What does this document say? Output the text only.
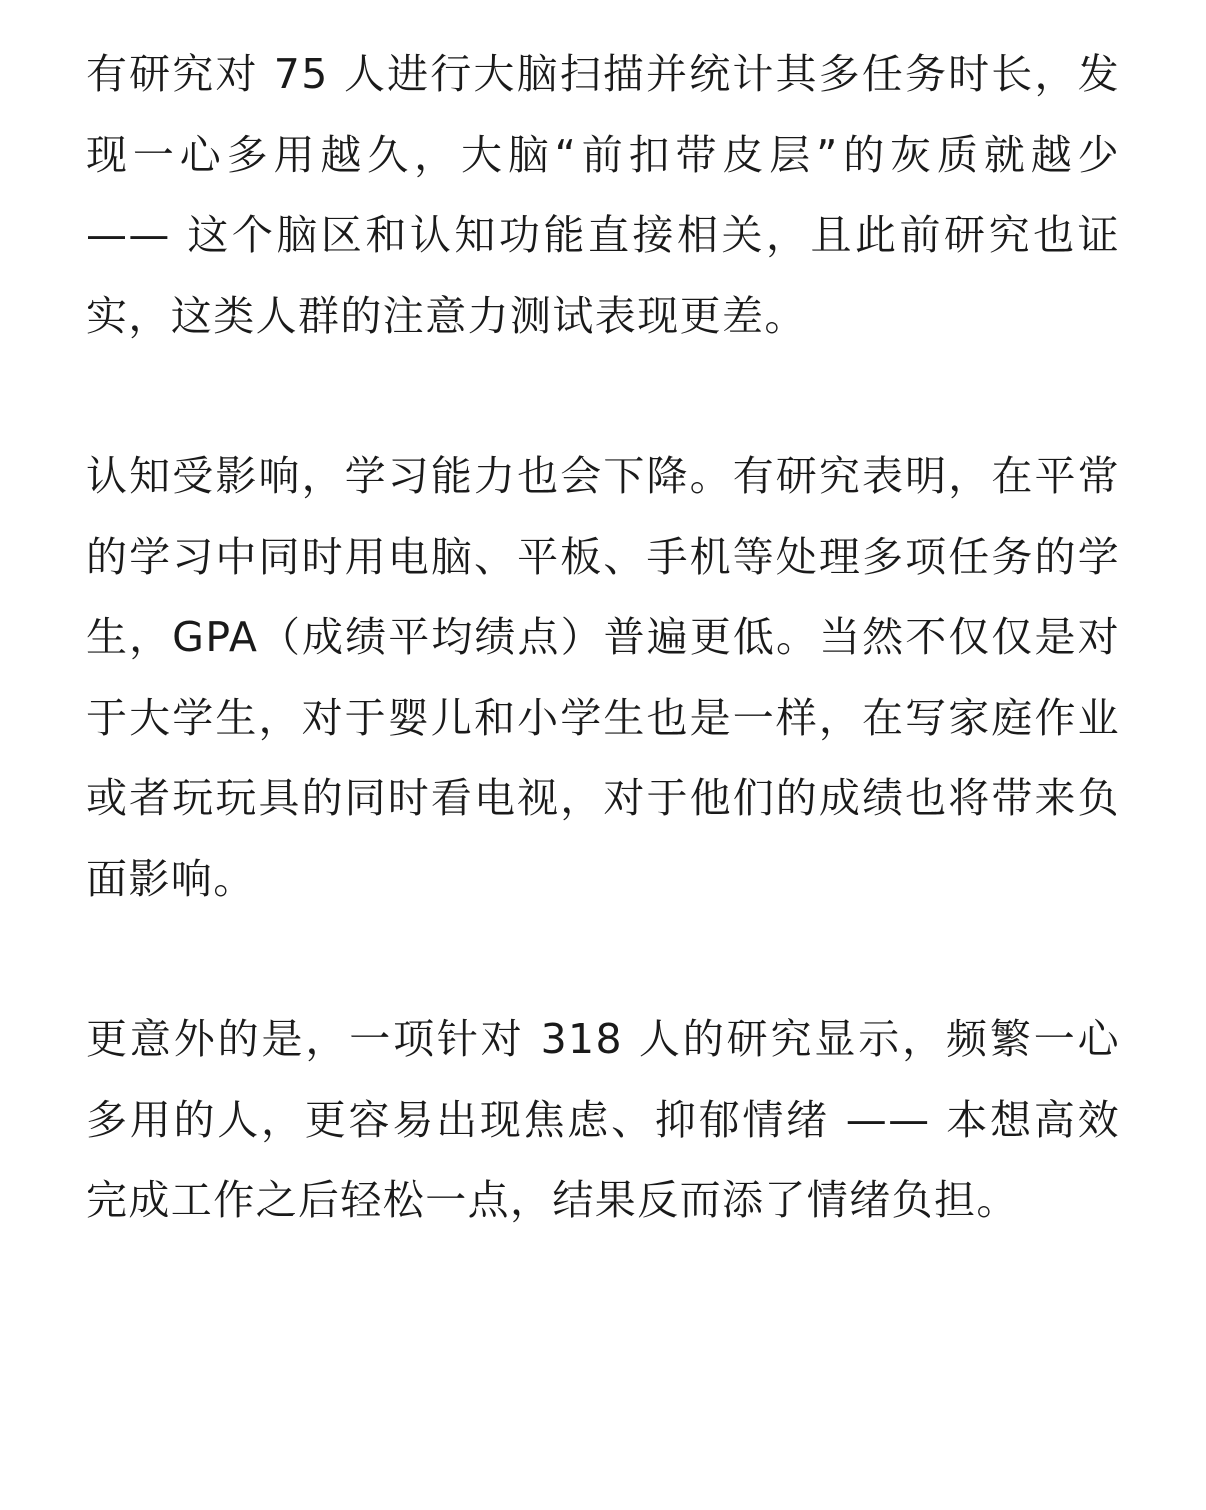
有研究对 75 人进行大脑扫描并统计其多任务时长，发现一心多用越久，大脑“前扣带皮层”的灰质就越少 —— 这个脑区和认知功能直接相关，且此前研究也证实，这类人群的注意力测试表现更差。

认知受影响，学习能力也会下降。有研究表明，在平常的学习中同时用电脑、平板、手机等处理多项任务的学生，GPA（成绩平均绩点）普遍更低。当然不仅仅是对于大学生，对于婴儿和小学生也是一样，在写家庭作业或者玩玩具的同时看电视，对于他们的成绩也将带来负面影响。

更意外的是，一项针对 318 人的研究显示，频繁一心多用的人，更容易出现焦虑、抑郁情绪 —— 本想高效完成工作之后轻松一点，结果反而添了情绪负担。
